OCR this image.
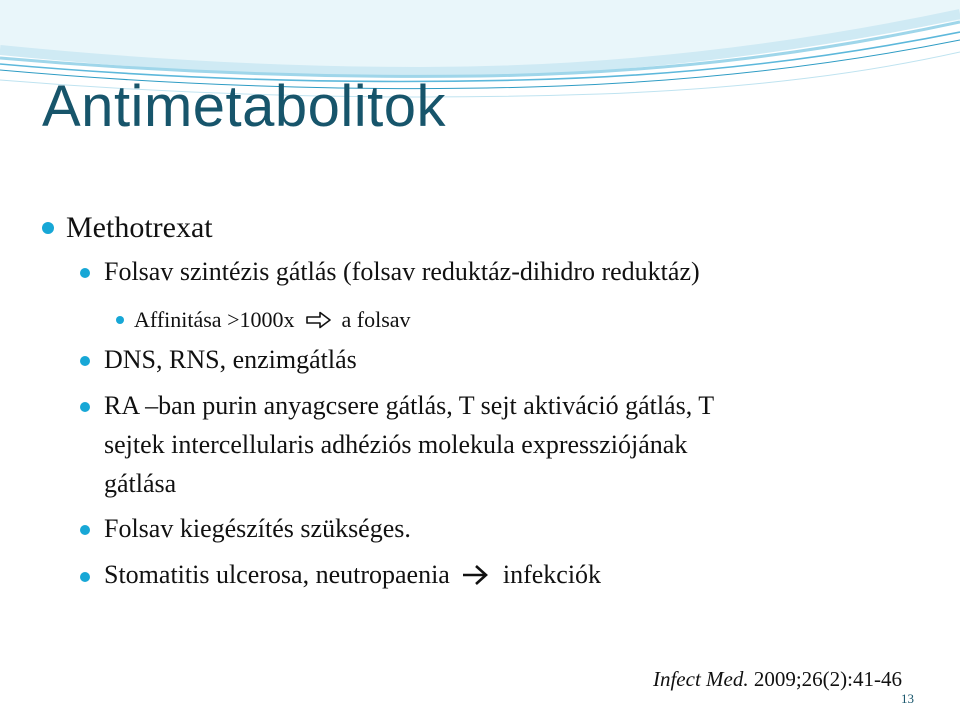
Antimetabolitok
Methotrexat
Folsav szintézis gátlás (folsav reduktáz-dihidro reduktáz)
Affinitása >1000x a folsav
DNS, RNS, enzimgátlás
RA –ban purin anyagcsere gátlás, T sejt aktiváció gátlás, T
sejtek intercellularis adhéziós molekula expressziójának
gátlása
Folsav kiegészítés szükséges.
Stomatitis ulcerosa, neutropaenia infekciók
Infect Med. 2009;26(2):41-46
13
